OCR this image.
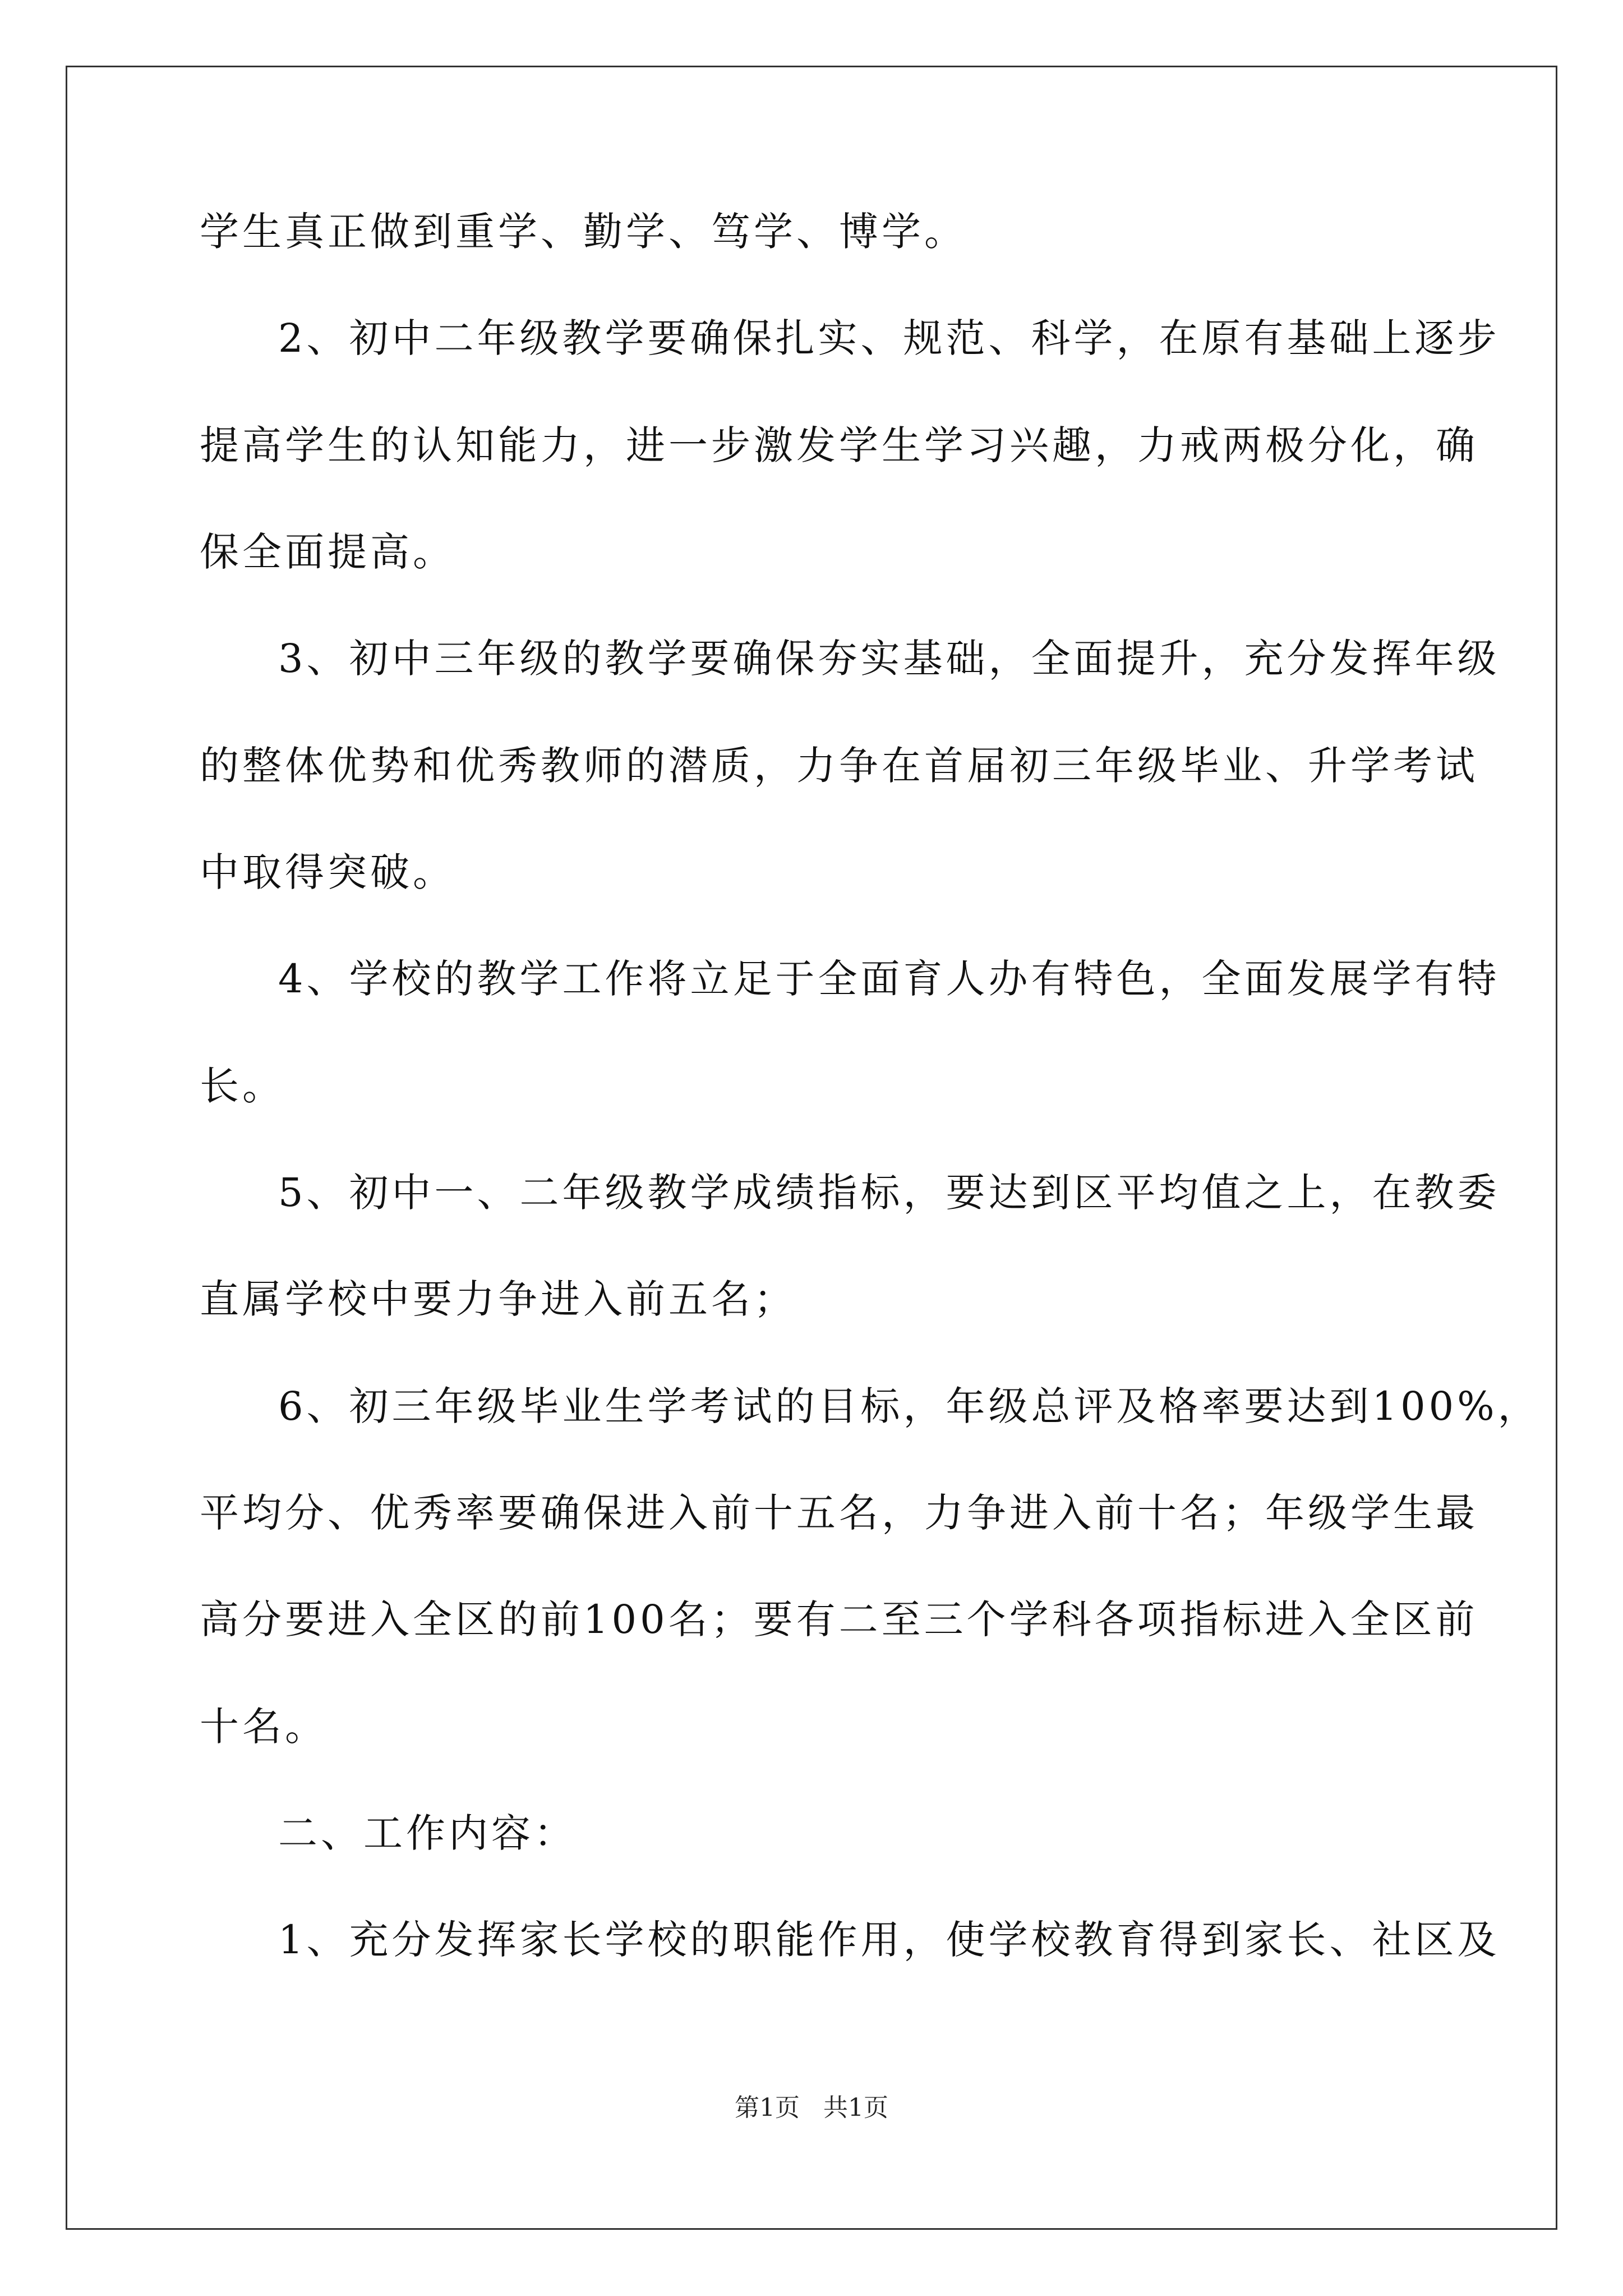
学生真正做到重学、勤学、笃学、博学。
2、初中二年级教学要确保扎实、规范、科学，在原有基础上逐步
提高学生的认知能力，进一步激发学生学习兴趣，力戒两极分化，确
保全面提高。
3、初中三年级的教学要确保夯实基础，全面提升，充分发挥年级
的整体优势和优秀教师的潜质，力争在首届初三年级毕业、升学考试
中取得突破。
4、学校的教学工作将立足于全面育人办有特色，全面发展学有特
长。
5、初中一、二年级教学成绩指标，要达到区平均值之上，在教委
直属学校中要力争进入前五名；
6、初三年级毕业生学考试的目标，年级总评及格率要达到100%，
平均分、优秀率要确保进入前十五名，力争进入前十名；年级学生最
高分要进入全区的前100名；要有二至三个学科各项指标进入全区前
十名。
二、工作内容：
1、充分发挥家长学校的职能作用，使学校教育得到家长、社区及
第1页   共1页
